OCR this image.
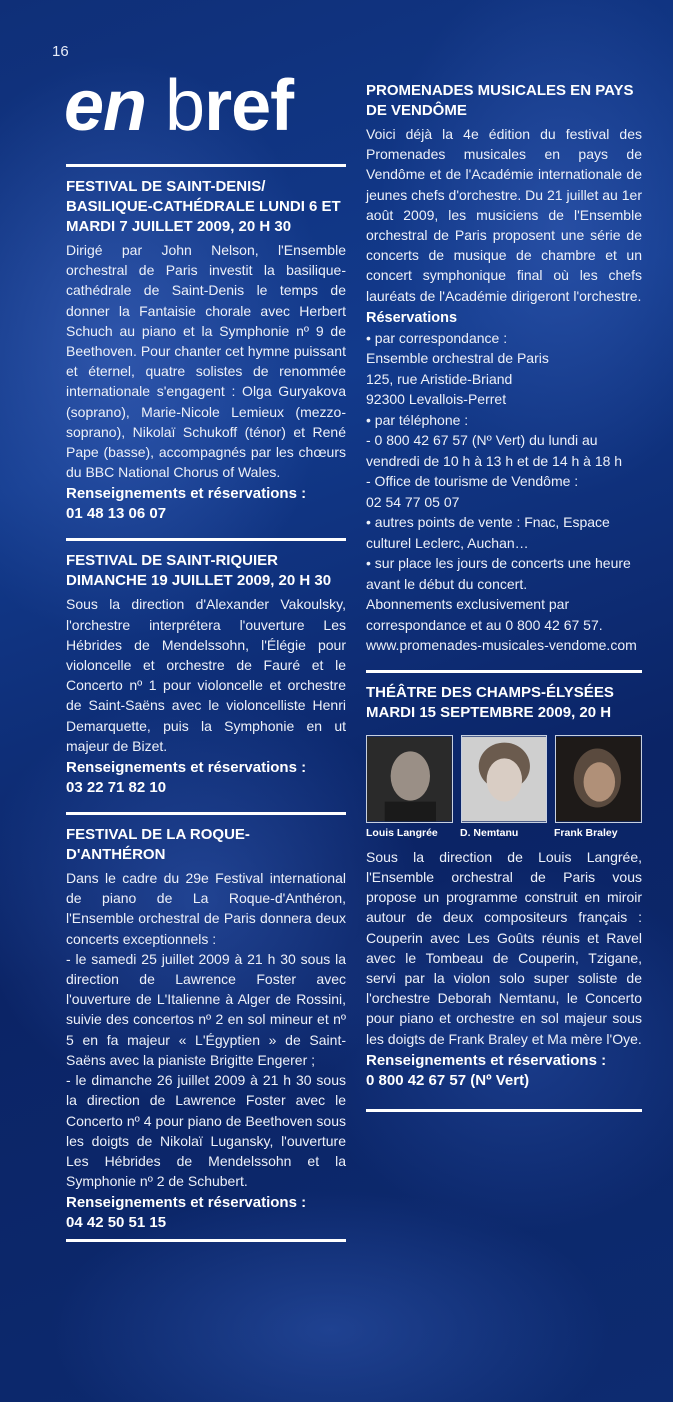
16
en bref
FESTIVAL DE SAINT-DENIS/ BASILIQUE-CATHÉDRALE LUNDI 6 ET MARDI 7 JUILLET 2009, 20 H 30

Dirigé par John Nelson, l'Ensemble orchestral de Paris investit la basilique-cathédrale de Saint-Denis le temps de donner la Fantaisie chorale avec Herbert Schuch au piano et la Symphonie nº 9 de Beethoven. Pour chanter cet hymne puissant et éternel, quatre solistes de renommée internationale s'engagent : Olga Guryakova (soprano), Marie-Nicole Lemieux (mezzo-soprano), Nikolaï Schukoff (ténor) et René Pape (basse), accompagnés par les chœurs du BBC National Chorus of Wales.

Renseignements et réservations :
01 48 13 06 07
FESTIVAL DE SAINT-RIQUIER DIMANCHE 19 JUILLET 2009, 20 H 30

Sous la direction d'Alexander Vakoulsky, l'orchestre interprétera l'ouverture Les Hébrides de Mendelssohn, l'Élégie pour violoncelle et orchestre de Fauré et le Concerto nº 1 pour violoncelle et orchestre de Saint-Saëns avec le violoncelliste Henri Demarquette, puis la Symphonie en ut majeur de Bizet.

Renseignements et réservations :
03 22 71 82 10
FESTIVAL DE LA ROQUE-D'ANTHÉRON

Dans le cadre du 29e Festival international de piano de La Roque-d'Anthéron, l'Ensemble orchestral de Paris donnera deux concerts exceptionnels :

- le samedi 25 juillet 2009 à 21 h 30 sous la direction de Lawrence Foster avec l'ouverture de L'Italienne à Alger de Rossini, suivie des concertos nº 2 en sol mineur et nº 5 en fa majeur « L'Égyptien » de Saint-Saëns avec la pianiste Brigitte Engerer ;

- le dimanche 26 juillet 2009 à 21 h 30 sous la direction de Lawrence Foster avec le Concerto nº 4 pour piano de Beethoven sous les doigts de Nikolaï Lugansky, l'ouverture Les Hébrides de Mendelssohn et la Symphonie nº 2 de Schubert.

Renseignements et réservations :
04 42 50 51 15
PROMENADES MUSICALES EN PAYS DE VENDÔME

Voici déjà la 4e édition du festival des Promenades musicales en pays de Vendôme et de l'Académie internationale de jeunes chefs d'orchestre. Du 21 juillet au 1er août 2009, les musiciens de l'Ensemble orchestral de Paris proposent une série de concerts de musique de chambre et un concert symphonique final où les chefs lauréats de l'Académie dirigeront l'orchestre.

Réservations
• par correspondance :
Ensemble orchestral de Paris
125, rue Aristide-Briand
92300 Levallois-Perret
• par téléphone :
- 0 800 42 67 57 (Nº Vert) du lundi au vendredi de 10 h à 13 h et de 14 h à 18 h
- Office de tourisme de Vendôme :
02 54 77 05 07
• autres points de vente : Fnac, Espace culturel Leclerc, Auchan…
• sur place les jours de concerts une heure avant le début du concert.
Abonnements exclusivement par correspondance et au 0 800 42 67 57.
www.promenades-musicales-vendome.com
THÉÂTRE DES CHAMPS-ÉLYSÉES MARDI 15 SEPTEMBRE 2009, 20 H
Louis Langrée	D. Nemtanu	Frank Braley

Sous la direction de Louis Langrée, l'Ensemble orchestral de Paris vous propose un programme construit en miroir autour de deux compositeurs français : Couperin avec Les Goûts réunis et Ravel avec le Tombeau de Couperin, Tzigane, servi par la violon solo super soliste de l'orchestre Deborah Nemtanu, le Concerto pour piano et orchestre en sol majeur sous les doigts de Frank Braley et Ma mère l'Oye.

Renseignements et réservations :
0 800 42 67 57 (Nº Vert)
